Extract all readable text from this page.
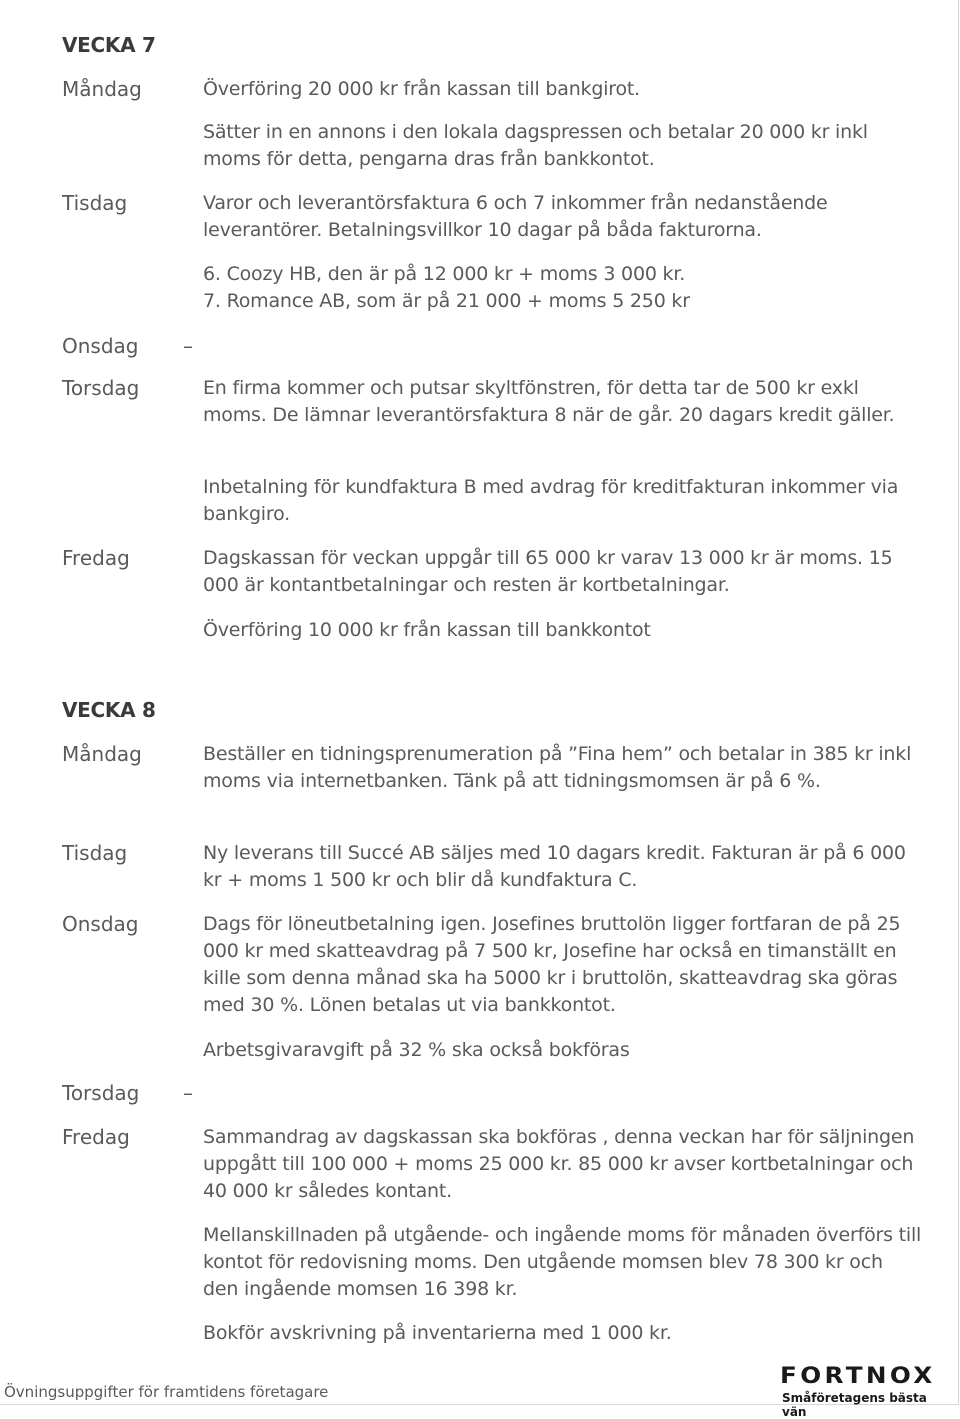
VECKA 7
Måndag	Överföring 20 000 kr från kassan till bankgirot.

Sätter in en annons i den lokala dagspressen och betalar 20 000 kr inkl moms för detta, pengarna dras från bankkontot.

Tisdag	Varor och leverantörsfaktura 6 och 7 inkommer från nedanstående leverantörer. Betalningsvillkor 10 dagar på båda fakturorna.

6. Coozy HB, den är på 12 000 kr + moms 3 000 kr.

7. Romance AB, som är på 21 000 + moms 5 250 kr

Onsdag –
Torsdag	En firma kommer och putsar skyltfönstren, för detta tar de 500 kr exkl moms. De lämnar leverantörsfaktura 8 när de går. 20 dagars kredit gäller.

Inbetalning för kundfaktura B med avdrag för kreditfakturan inkommer via bankgiro.

Fredag	Dagskassan för veckan uppgår till 65 000 kr varav 13 000 kr är moms. 15 000 är kontantbetalningar och resten är kortbetalningar.

Överföring 10 000 kr från kassan till bankkontot

VECKA 8
Måndag	Beställer en tidningsprenumeration på ”Fina hem” och betalar in 385 kr inkl moms via internetbanken. Tänk på att tidningsmomsen är på 6 %.

Tisdag	Ny leverans till Succé AB säljes med 10 dagars kredit. Fakturan är på 6 000 kr + moms 1 500 kr och blir då kundfaktura C.

Onsdag	Dags för löneutbetalning igen. Josefines bruttolön ligger fortfaran de på 25 000 kr med skatteavdrag på 7 500 kr, Josefine har också en timanställt en kille som denna månad ska ha 5000 kr i bruttolön, skatteavdrag ska göras med 30 %. Lönen betalas ut via bankkontot.

Arbetsgivaravgift på 32 % ska också bokföras

Torsdag –
Fredag	Sammandrag av dagskassan ska bokföras , denna veckan har för säljningen uppgått till 100 000 + moms 25 000 kr. 85 000 kr avser kortbetalningar och 40 000 kr således kontant.

Mellanskillnaden på utgående- och ingående moms för månaden överförs till kontot för redovisning moms. Den utgående momsen blev 78 300 kr och den ingående momsen 16 398 kr.

Bokför avskrivning på inventarierna med 1 000 kr.

Övningsuppgifter för framtidens företagare
FORTNOX
Småföretagens bästa vän
